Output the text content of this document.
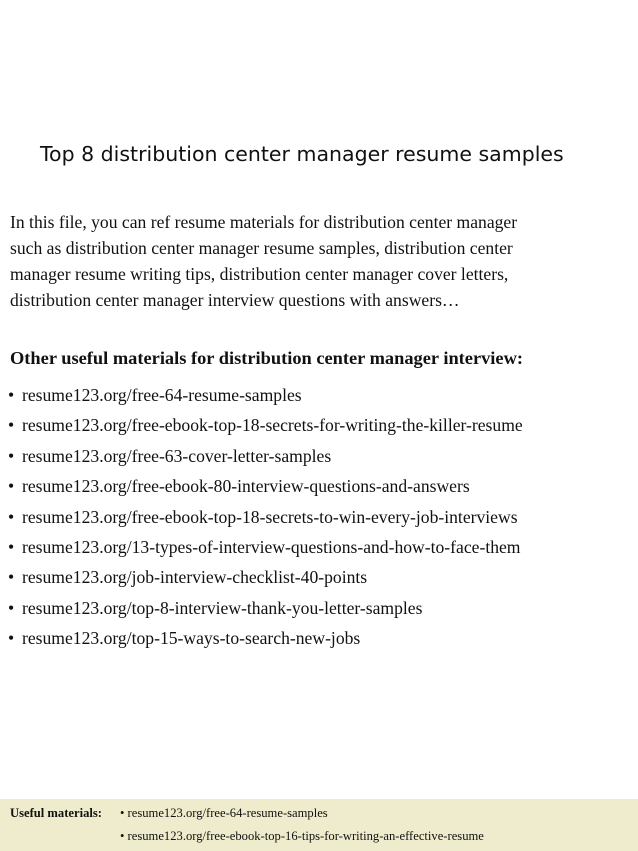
Top 8 distribution center manager resume samples
In this file, you can ref resume materials for distribution center manager
such as distribution center manager resume samples, distribution center
manager resume writing tips, distribution center manager cover letters,
distribution center manager interview questions with answers…
Other useful materials for distribution center manager interview:
• resume123.org/free-64-resume-samples
• resume123.org/free-ebook-top-18-secrets-for-writing-the-killer-resume
• resume123.org/free-63-cover-letter-samples
• resume123.org/free-ebook-80-interview-questions-and-answers
• resume123.org/free-ebook-top-18-secrets-to-win-every-job-interviews
• resume123.org/13-types-of-interview-questions-and-how-to-face-them
• resume123.org/job-interview-checklist-40-points
• resume123.org/top-8-interview-thank-you-letter-samples
• resume123.org/top-15-ways-to-search-new-jobs
Useful materials: • resume123.org/free-64-resume-samples
• resume123.org/free-ebook-top-16-tips-for-writing-an-effective-resume
